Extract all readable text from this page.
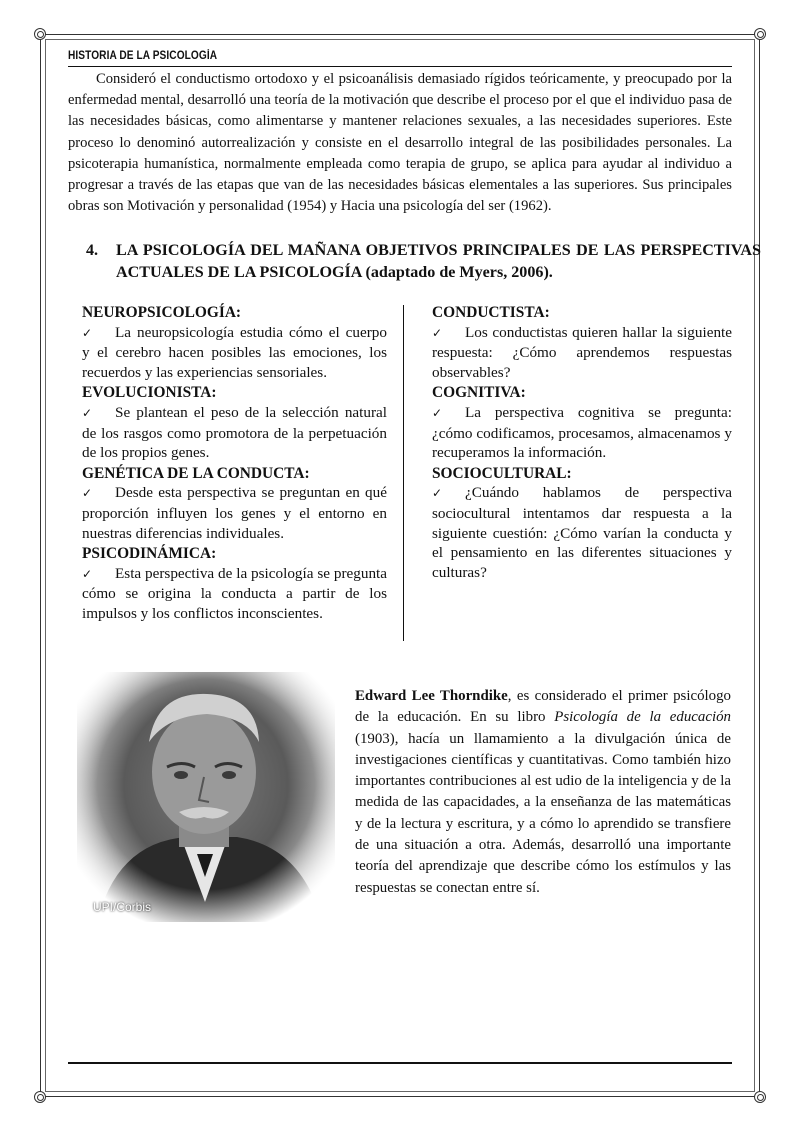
HISTORIA DE LA PSICOLOGÍA

Consideró el conductismo ortodoxo y el psicoanálisis demasiado rígidos teóricamente, y preocupado por la enfermedad mental, desarrolló una teoría de la motivación que describe el proceso por el que el individuo pasa de las necesidades básicas, como alimentarse y mantener relaciones sexuales, a las necesidades superiores. Este proceso lo denominó autorrealización y consiste en el desarrollo integral de las posibilidades personales. La psicoterapia humanística, normalmente empleada como terapia de grupo, se aplica para ayudar al individuo a progresar a través de las etapas que van de las necesidades básicas elementales a las superiores. Sus principales obras son Motivación y personalidad (1954) y Hacia una psicología del ser (1962).

4. LA PSICOLOGÍA DEL MAÑANA OBJETIVOS PRINCIPALES DE LAS PERSPECTIVAS ACTUALES DE LA PSICOLOGÍA (adaptado de Myers, 2006).
NEUROPSICOLOGÍA:

✓ La neuropsicología estudia cómo el cuerpo y el cerebro hacen posibles las emociones, los recuerdos y las experiencias sensoriales.

EVOLUCIONISTA:

✓ Se plantean el peso de la selección natural de los rasgos como promotora de la perpetuación de los propios genes.

GENÉTICA DE LA CONDUCTA:

✓ Desde esta perspectiva se preguntan en qué proporción influyen los genes y el entorno en nuestras diferencias individuales.

PSICODINÁMICA:

✓ Esta perspectiva de la psicología se pregunta cómo se origina la conducta a partir de los impulsos y los conflictos inconscientes.

CONDUCTISTA:

✓ Los conductistas quieren hallar la siguiente respuesta: ¿Cómo aprendemos respuestas observables?

COGNITIVA:

✓ La perspectiva cognitiva se pregunta: ¿cómo codificamos, procesamos, almacenamos y recuperamos la información.

SOCIOCULTURAL:

✓ ¿Cuándo hablamos de perspectiva sociocultural intentamos dar respuesta a la siguiente cuestión: ¿Cómo varían la conducta y el pensamiento en las diferentes situaciones y culturas?

UPI/Corbis

Edward Lee Thorndike, es considerado el primer psicólogo de la educación. En su libro Psicología de la educación (1903), hacía un llamamiento a la divulgación única de investigaciones científicas y cuantitativas. Como también hizo importantes contribuciones al est udio de la inteligencia y de la medida de las capacidades, a la enseñanza de las matemáticas y de la lectura y escritura, y a cómo lo aprendido se transfiere de una situación a otra. Además, desarrolló una importante teoría del aprendizaje que describe cómo los estímulos y las respuestas se conectan entre sí.
